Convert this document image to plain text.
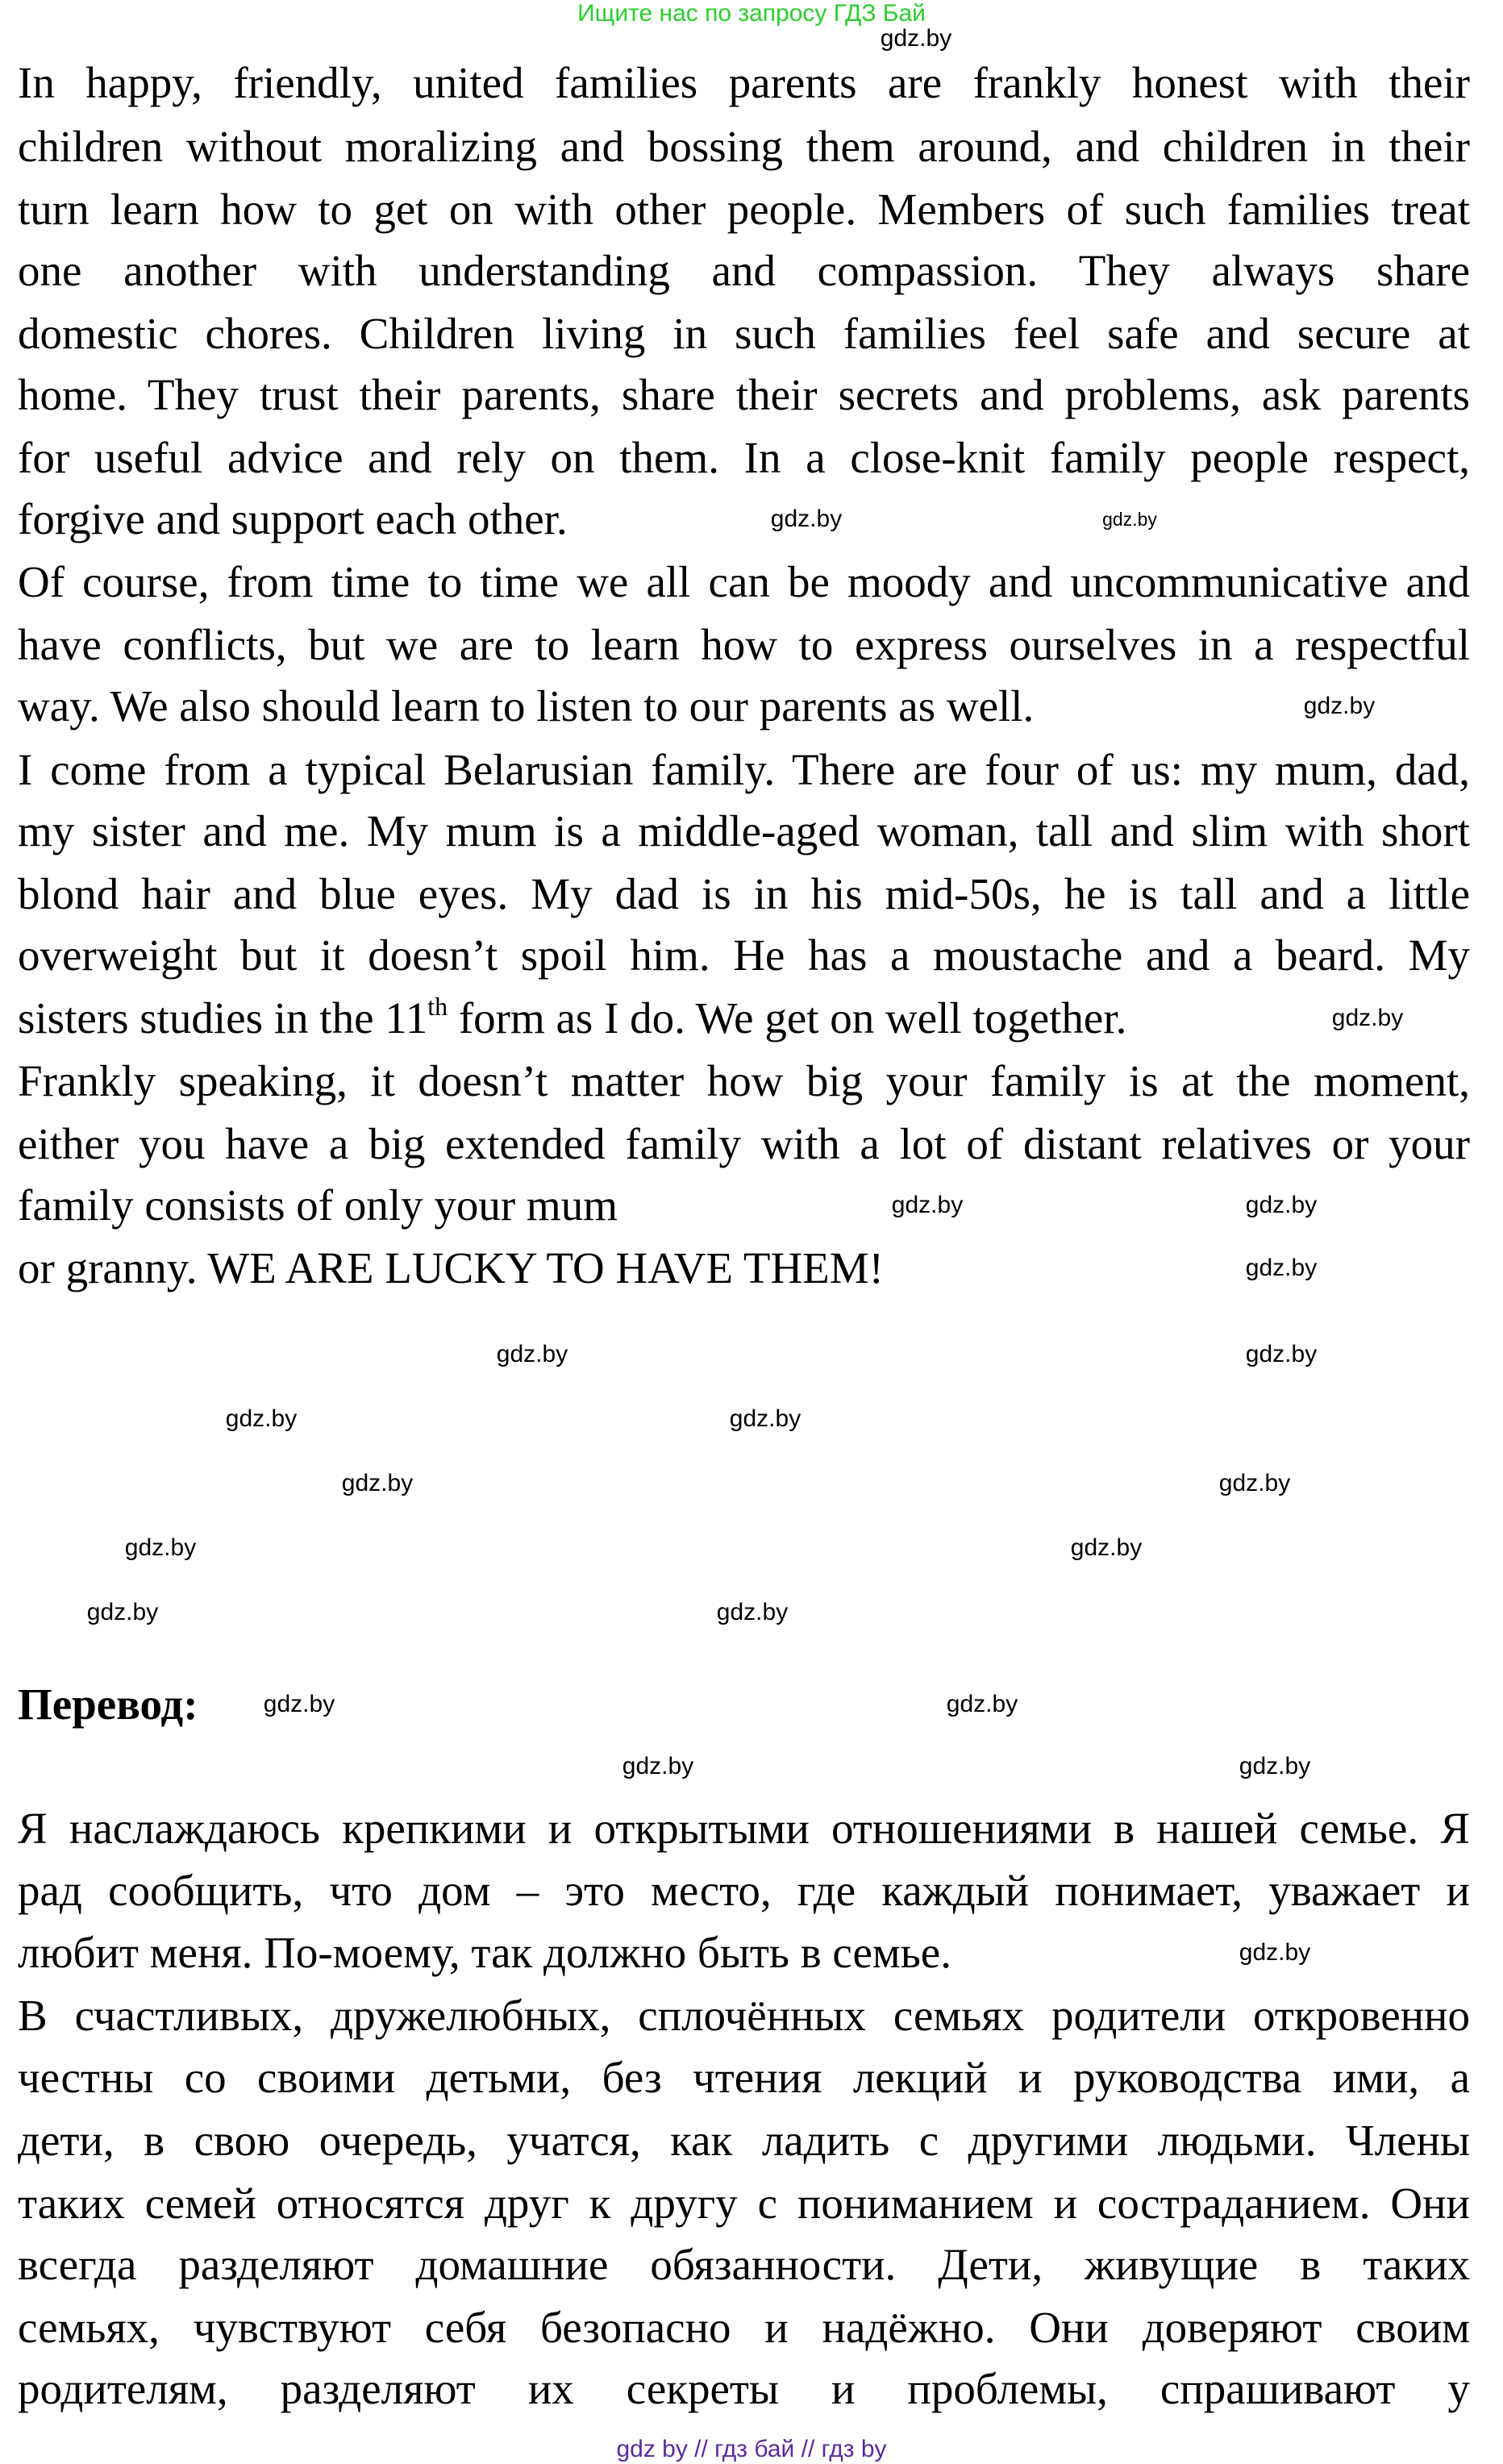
Ищите нас по запросу ГДЗ Бай
Перевод:
In happy, friendly, united families parents are frankly honest with their
children without moralizing and bossing them around, and children in their
turn learn how to get on with other people. Members of such families treat
one another with understanding and compassion. They always share
domestic chores. Children living in such families feel safe and secure at
home. They trust their parents, share their secrets and problems, ask parents
for useful advice and rely on them. In a close-knit family people respect,
forgive and support each other.
Of course, from time to time we all can be moody and uncommunicative and
have conflicts, but we are to learn how to express ourselves in a respectful
way. We also should learn to listen to our parents as well.
I come from a typical Belarusian family. There are four of us: my mum, dad,
my sister and me. My mum is a middle-aged woman, tall and slim with short
blond hair and blue eyes. My dad is in his mid-50s, he is tall and a little
overweight but it doesn’t spoil him. He has a moustache and a beard. My
sisters studies in the 11th form as I do. We get on well together.
Frankly speaking, it doesn’t matter how big your family is at the moment,
either you have a big extended family with a lot of distant relatives or your
family consists of only your mum
or granny. WE ARE LUCKY TO HAVE THEM!
Я наслаждаюсь крепкими и открытыми отношениями в нашей семье. Я
рад сообщить, что дом – это место, где каждый понимает, уважает и
любит меня. По-моему, так должно быть в семье.
В счастливых, дружелюбных, сплочённых семьях родители откровенно
честны со своими детьми, без чтения лекций и руководства ими, а
дети, в свою очередь, учатся, как ладить с другими людьми. Члены
таких семей относятся друг к другу с пониманием и состраданием. Они
всегда разделяют домашние обязанности. Дети, живущие в таких
семьях, чувствуют себя безопасно и надёжно. Они доверяют своим
родителям, разделяют их секреты и проблемы, спрашивают у
gdz.by
gdz.by	gdz.by
gdz.by
gdz.by
gdz.by	gdz.by
gdz.by
gdz.by	gdz.by
gdz.by
gdz.by
gdz.by
gdz.by
gdz.by	gdz.by
gdz.by
gdz.by
gdz.by	gdz.by
gdz.by	gdz.by
gdz.by
gdz by // гдз бай // гдз by
